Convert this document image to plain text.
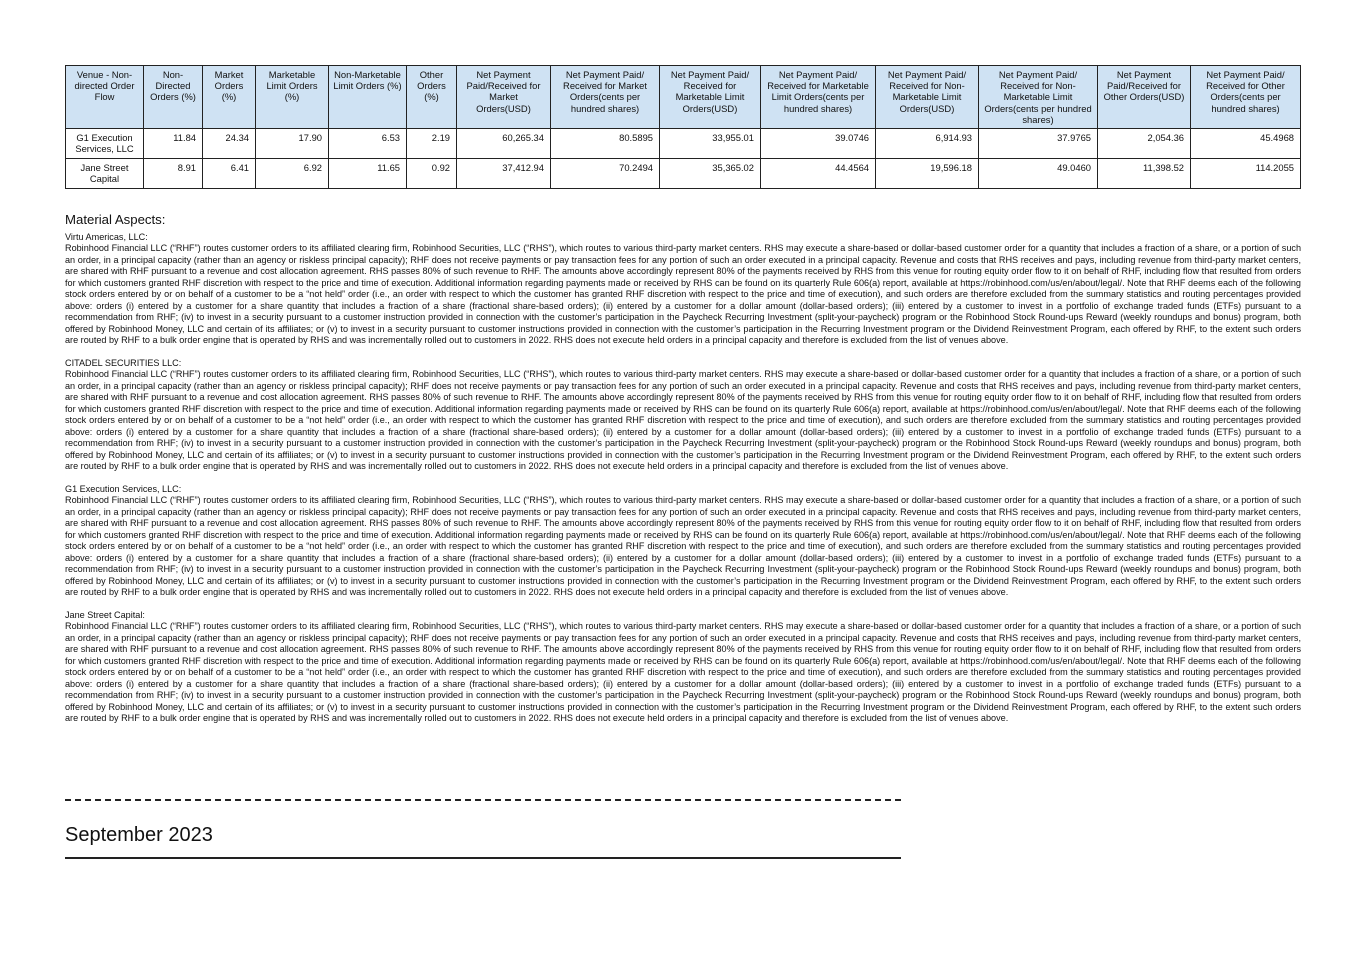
Venue - Non-directed Order Flow	Non-Directed Orders (%)	Market Orders (%)	Marketable Limit Orders (%)	Non-Marketable Limit Orders (%)	Other Orders (%)	Net Payment Paid/Received for Market Orders(USD)	Net Payment Paid/ Received for Market Orders(cents per hundred shares)	Net Payment Paid/ Received for Marketable Limit Orders(USD)	Net Payment Paid/ Received for Marketable Limit Orders(cents per hundred shares)	Net Payment Paid/ Received for Non-Marketable Limit Orders(USD)	Net Payment Paid/ Received for Non-Marketable Limit Orders(cents per hundred shares)	Net Payment Paid/Received for Other Orders(USD)	Net Payment Paid/ Received for Other Orders(cents per hundred shares)
G1 Execution Services, LLC	11.84	24.34	17.90	6.53	2.19	60,265.34	80.5895	33,955.01	39.0746	6,914.93	37.9765	2,054.36	45.4968
Jane Street Capital	8.91	6.41	6.92	11.65	0.92	37,412.94	70.2494	35,365.02	44.4564	19,596.18	49.0460	11,398.52	114.2055
Material Aspects:
Virtu Americas, LLC:
Robinhood Financial LLC (“RHF”) routes customer orders to its affiliated clearing firm, Robinhood Securities, LLC (“RHS”), which routes to various third-party market centers. RHS may execute a share-based or dollar-based customer order for a quantity that includes a fraction of a share, or a portion of such an order, in a principal capacity (rather than an agency or riskless principal capacity); RHF does not receive payments or pay transaction fees for any portion of such an order executed in a principal capacity. Revenue and costs that RHS receives and pays, including revenue from third-party market centers, are shared with RHF pursuant to a revenue and cost allocation agreement. RHS passes 80% of such revenue to RHF. The amounts above accordingly represent 80% of the payments received by RHS from this venue for routing equity order flow to it on behalf of RHF, including flow that resulted from orders for which customers granted RHF discretion with respect to the price and time of execution. Additional information regarding payments made or received by RHS can be found on its quarterly Rule 606(a) report, available at https://robinhood.com/us/en/about/legal/. Note that RHF deems each of the following stock orders entered by or on behalf of a customer to be a “not held” order (i.e., an order with respect to which the customer has granted RHF discretion with respect to the price and time of execution), and such orders are therefore excluded from the summary statistics and routing percentages provided above: orders (i) entered by a customer for a share quantity that includes a fraction of a share (fractional share-based orders); (ii) entered by a customer for a dollar amount (dollar-based orders); (iii) entered by a customer to invest in a portfolio of exchange traded funds (ETFs) pursuant to a recommendation from RHF; (iv) to invest in a security pursuant to a customer instruction provided in connection with the customer’s participation in the Paycheck Recurring Investment (split-your-paycheck) program or the Robinhood Stock Round-ups Reward (weekly roundups and bonus) program, both offered by Robinhood Money, LLC and certain of its affiliates; or (v) to invest in a security pursuant to customer instructions provided in connection with the customer’s participation in the Recurring Investment program or the Dividend Reinvestment Program, each offered by RHF, to the extent such orders are routed by RHF to a bulk order engine that is operated by RHS and was incrementally rolled out to customers in 2022. RHS does not execute held orders in a principal capacity and therefore is excluded from the list of venues above.
CITADEL SECURITIES LLC:
Robinhood Financial LLC (“RHF”) routes customer orders to its affiliated clearing firm, Robinhood Securities, LLC (“RHS”), which routes to various third-party market centers. RHS may execute a share-based or dollar-based customer order for a quantity that includes a fraction of a share, or a portion of such an order, in a principal capacity (rather than an agency or riskless principal capacity); RHF does not receive payments or pay transaction fees for any portion of such an order executed in a principal capacity. Revenue and costs that RHS receives and pays, including revenue from third-party market centers, are shared with RHF pursuant to a revenue and cost allocation agreement. RHS passes 80% of such revenue to RHF. The amounts above accordingly represent 80% of the payments received by RHS from this venue for routing equity order flow to it on behalf of RHF, including flow that resulted from orders for which customers granted RHF discretion with respect to the price and time of execution. Additional information regarding payments made or received by RHS can be found on its quarterly Rule 606(a) report, available at https://robinhood.com/us/en/about/legal/. Note that RHF deems each of the following stock orders entered by or on behalf of a customer to be a “not held” order (i.e., an order with respect to which the customer has granted RHF discretion with respect to the price and time of execution), and such orders are therefore excluded from the summary statistics and routing percentages provided above: orders (i) entered by a customer for a share quantity that includes a fraction of a share (fractional share-based orders); (ii) entered by a customer for a dollar amount (dollar-based orders); (iii) entered by a customer to invest in a portfolio of exchange traded funds (ETFs) pursuant to a recommendation from RHF; (iv) to invest in a security pursuant to a customer instruction provided in connection with the customer’s participation in the Paycheck Recurring Investment (split-your-paycheck) program or the Robinhood Stock Round-ups Reward (weekly roundups and bonus) program, both offered by Robinhood Money, LLC and certain of its affiliates; or (v) to invest in a security pursuant to customer instructions provided in connection with the customer’s participation in the Recurring Investment program or the Dividend Reinvestment Program, each offered by RHF, to the extent such orders are routed by RHF to a bulk order engine that is operated by RHS and was incrementally rolled out to customers in 2022. RHS does not execute held orders in a principal capacity and therefore is excluded from the list of venues above.
G1 Execution Services, LLC:
Robinhood Financial LLC (“RHF”) routes customer orders to its affiliated clearing firm, Robinhood Securities, LLC (“RHS”), which routes to various third-party market centers. RHS may execute a share-based or dollar-based customer order for a quantity that includes a fraction of a share, or a portion of such an order, in a principal capacity (rather than an agency or riskless principal capacity); RHF does not receive payments or pay transaction fees for any portion of such an order executed in a principal capacity. Revenue and costs that RHS receives and pays, including revenue from third-party market centers, are shared with RHF pursuant to a revenue and cost allocation agreement. RHS passes 80% of such revenue to RHF. The amounts above accordingly represent 80% of the payments received by RHS from this venue for routing equity order flow to it on behalf of RHF, including flow that resulted from orders for which customers granted RHF discretion with respect to the price and time of execution. Additional information regarding payments made or received by RHS can be found on its quarterly Rule 606(a) report, available at https://robinhood.com/us/en/about/legal/. Note that RHF deems each of the following stock orders entered by or on behalf of a customer to be a “not held” order (i.e., an order with respect to which the customer has granted RHF discretion with respect to the price and time of execution), and such orders are therefore excluded from the summary statistics and routing percentages provided above: orders (i) entered by a customer for a share quantity that includes a fraction of a share (fractional share-based orders); (ii) entered by a customer for a dollar amount (dollar-based orders); (iii) entered by a customer to invest in a portfolio of exchange traded funds (ETFs) pursuant to a recommendation from RHF; (iv) to invest in a security pursuant to a customer instruction provided in connection with the customer’s participation in the Paycheck Recurring Investment (split-your-paycheck) program or the Robinhood Stock Round-ups Reward (weekly roundups and bonus) program, both offered by Robinhood Money, LLC and certain of its affiliates; or (v) to invest in a security pursuant to customer instructions provided in connection with the customer’s participation in the Recurring Investment program or the Dividend Reinvestment Program, each offered by RHF, to the extent such orders are routed by RHF to a bulk order engine that is operated by RHS and was incrementally rolled out to customers in 2022. RHS does not execute held orders in a principal capacity and therefore is excluded from the list of venues above.
Jane Street Capital:
Robinhood Financial LLC (“RHF”) routes customer orders to its affiliated clearing firm, Robinhood Securities, LLC (“RHS”), which routes to various third-party market centers. RHS may execute a share-based or dollar-based customer order for a quantity that includes a fraction of a share, or a portion of such an order, in a principal capacity (rather than an agency or riskless principal capacity); RHF does not receive payments or pay transaction fees for any portion of such an order executed in a principal capacity. Revenue and costs that RHS receives and pays, including revenue from third-party market centers, are shared with RHF pursuant to a revenue and cost allocation agreement. RHS passes 80% of such revenue to RHF. The amounts above accordingly represent 80% of the payments received by RHS from this venue for routing equity order flow to it on behalf of RHF, including flow that resulted from orders for which customers granted RHF discretion with respect to the price and time of execution. Additional information regarding payments made or received by RHS can be found on its quarterly Rule 606(a) report, available at https://robinhood.com/us/en/about/legal/. Note that RHF deems each of the following stock orders entered by or on behalf of a customer to be a “not held” order (i.e., an order with respect to which the customer has granted RHF discretion with respect to the price and time of execution), and such orders are therefore excluded from the summary statistics and routing percentages provided above: orders (i) entered by a customer for a share quantity that includes a fraction of a share (fractional share-based orders); (ii) entered by a customer for a dollar amount (dollar-based orders); (iii) entered by a customer to invest in a portfolio of exchange traded funds (ETFs) pursuant to a recommendation from RHF; (iv) to invest in a security pursuant to a customer instruction provided in connection with the customer’s participation in the Paycheck Recurring Investment (split-your-paycheck) program or the Robinhood Stock Round-ups Reward (weekly roundups and bonus) program, both offered by Robinhood Money, LLC and certain of its affiliates; or (v) to invest in a security pursuant to customer instructions provided in connection with the customer’s participation in the Recurring Investment program or the Dividend Reinvestment Program, each offered by RHF, to the extent such orders are routed by RHF to a bulk order engine that is operated by RHS and was incrementally rolled out to customers in 2022. RHS does not execute held orders in a principal capacity and therefore is excluded from the list of venues above.
September 2023
